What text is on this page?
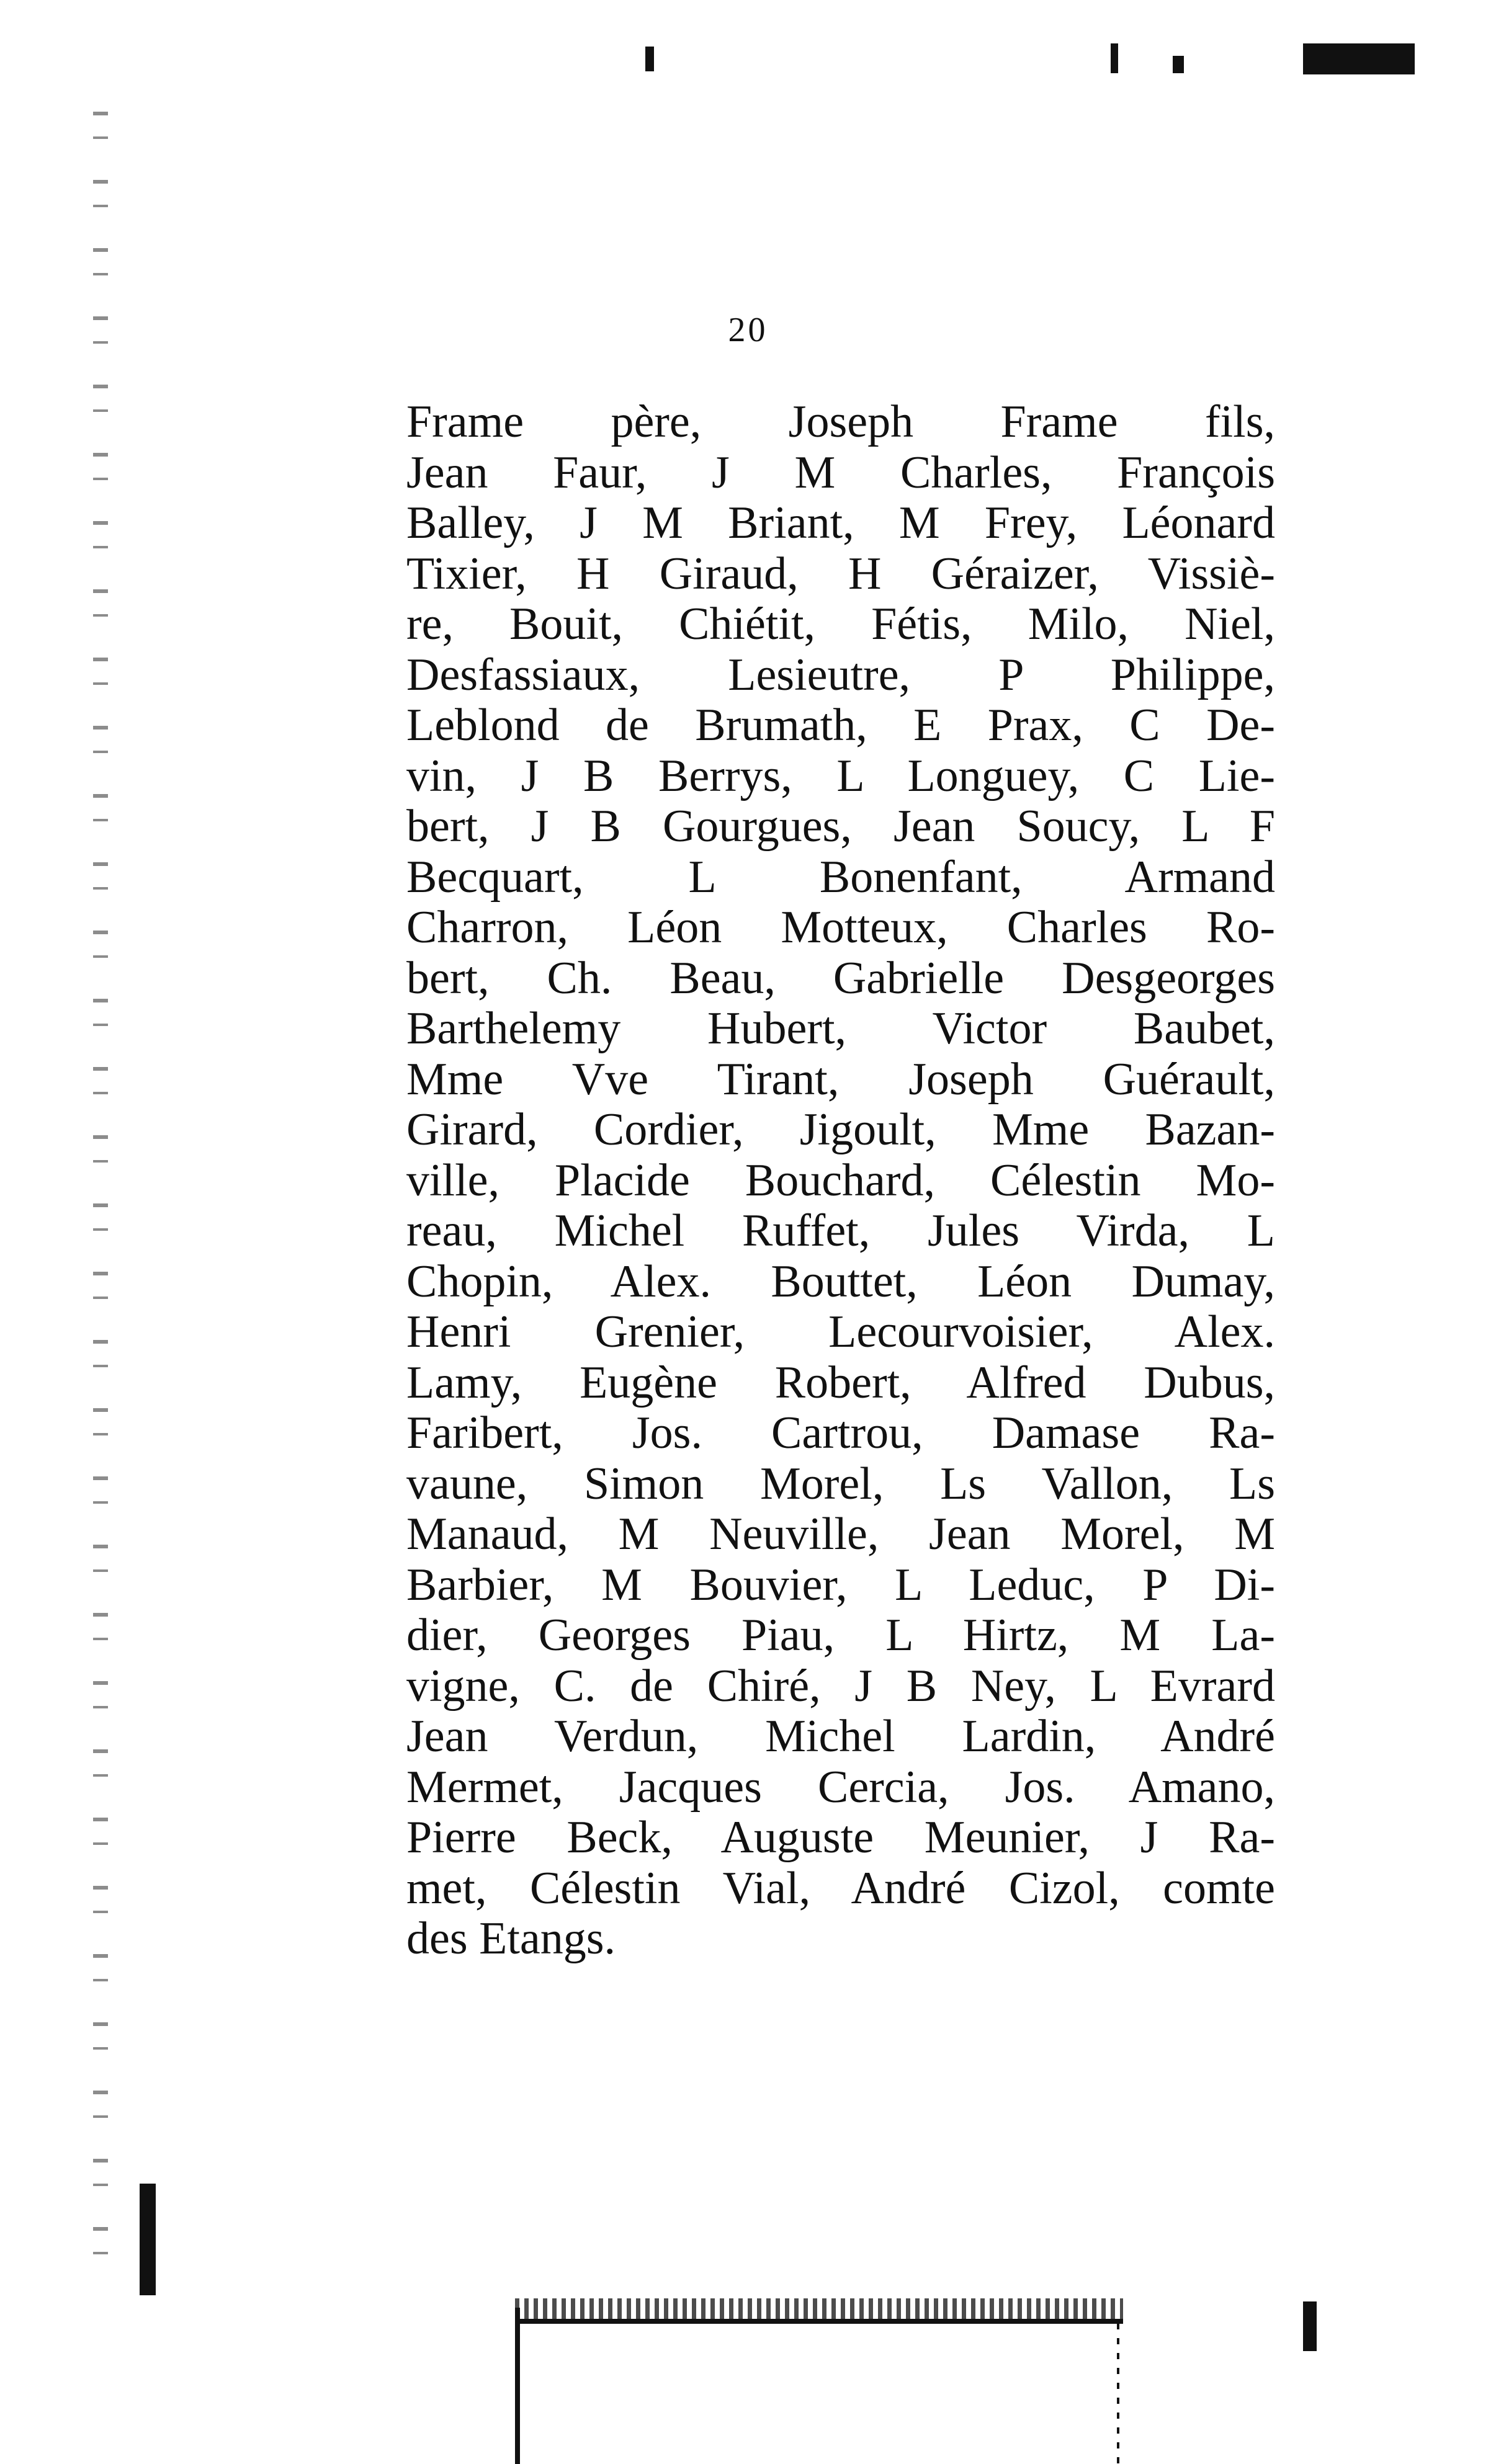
20
Frame père, Joseph Frame fils,
Jean Faur, J M Charles, François
Balley, J M Briant, M Frey, Léonard
Tixier, H Giraud, H Géraizer, Vissiè-
re, Bouit, Chiétit, Fétis, Milo, Niel,
Desfassiaux, Lesieutre, P Philippe,
Leblond de Brumath, E Prax, C De-
vin, J B Berrys, L Longuey, C Lie-
bert, J B Gourgues, Jean Soucy, L F
Becquart, L Bonenfant, Armand
Charron, Léon Motteux, Charles Ro-
bert, Ch. Beau, Gabrielle Desgeorges
Barthelemy Hubert, Victor Baubet,
Mme Vve Tirant, Joseph Guérault,
Girard, Cordier, Jigoult, Mme Bazan-
ville, Placide Bouchard, Célestin Mo-
reau, Michel Ruffet, Jules Virda, L
Chopin, Alex. Bouttet, Léon Dumay,
Henri Grenier, Lecourvoisier, Alex.
Lamy, Eugène Robert, Alfred Dubus,
Faribert, Jos. Cartrou, Damase Ra-
vaune, Simon Morel, Ls Vallon, Ls
Manaud, M Neuville, Jean Morel, M
Barbier, M Bouvier, L Leduc, P Di-
dier, Georges Piau, L Hirtz, M La-
vigne, C. de Chiré, J B Ney, L Evrard
Jean Verdun, Michel Lardin, André
Mermet, Jacques Cercia, Jos. Amano,
Pierre Beck, Auguste Meunier, J Ra-
met, Célestin Vial, André Cizol, comte
des Etangs.
